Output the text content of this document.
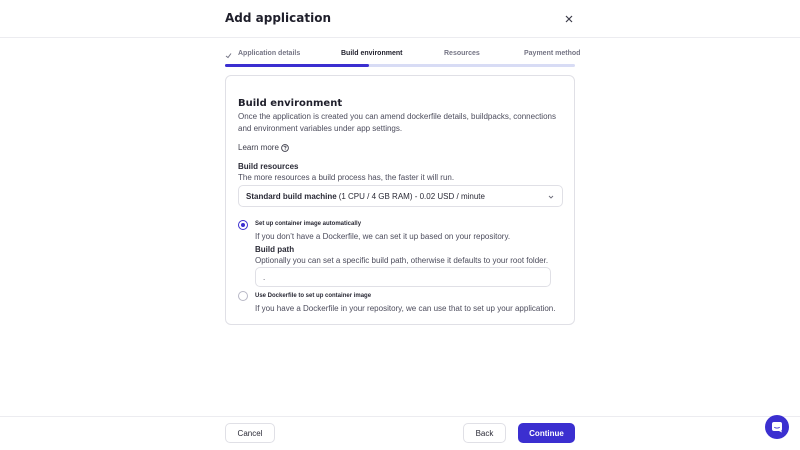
Add application
Application details	Build environment	Resources	Payment method
Build environment
Once the application is created you can amend dockerfile details, buildpacks, connections and environment variables under app settings.
Learn more
Build resources
The more resources a build process has, the faster it will run.
Standard build machine (1 CPU / 4 GB RAM) - 0.02 USD / minute
Set up container image automatically
If you don’t have a Dockerfile, we can set it up based on your repository.
Build path
Optionally you can set a specific build path, otherwise it defaults to your root folder.
.
Use Dockerfile to set up container image
If you have a Dockerfile in your repository, we can use that to set up your application.
Cancel	Back	Continue
